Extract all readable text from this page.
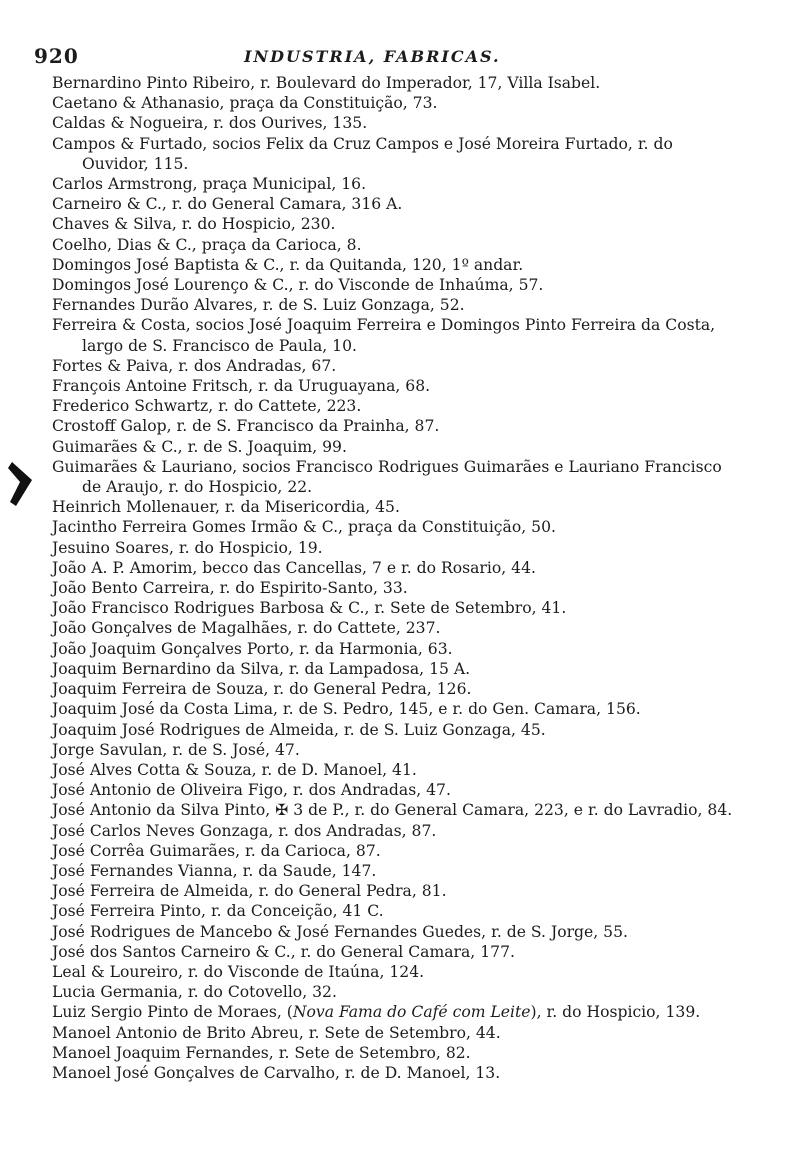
920	INDUSTRIA, FABRICAS.
Bernardino Pinto Ribeiro, r. Boulevard do Imperador, 17, Villa Isabel.
Caetano & Athanasio, praça da Constituição, 73.
Caldas & Nogueira, r. dos Ourives, 135.
Campos & Furtado, socios Felix da Cruz Campos e José Moreira Furtado, r. do Ouvidor, 115.
Carlos Armstrong, praça Municipal, 16.
Carneiro & C., r. do General Camara, 316 A.
Chaves & Silva, r. do Hospicio, 230.
Coelho, Dias & C., praça da Carioca, 8.
Domingos José Baptista & C., r. da Quitanda, 120, 1º andar.
Domingos José Lourenço & C., r. do Visconde de Inhaúma, 57.
Fernandes Durão Alvares, r. de S. Luiz Gonzaga, 52.
Ferreira & Costa, socios José Joaquim Ferreira e Domingos Pinto Ferreira da Costa, largo de S. Francisco de Paula, 10.
Fortes & Paiva, r. dos Andradas, 67.
François Antoine Fritsch, r. da Uruguayana, 68.
Frederico Schwartz, r. do Cattete, 223.
Crostoff Galop, r. de S. Francisco da Prainha, 87.
Guimarães & C., r. de S. Joaquim, 99.
Guimarães & Lauriano, socios Francisco Rodrigues Guimarães e Lauriano Francisco de Araujo, r. do Hospicio, 22.
Heinrich Mollenauer, r. da Misericordia, 45.
Jacintho Ferreira Gomes Irmão & C., praça da Constituição, 50.
Jesuino Soares, r. do Hospicio, 19.
João A. P. Amorim, becco das Cancellas, 7 e r. do Rosario, 44.
João Bento Carreira, r. do Espirito-Santo, 33.
João Francisco Rodrigues Barbosa & C., r. Sete de Setembro, 41.
João Gonçalves de Magalhães, r. do Cattete, 237.
João Joaquim Gonçalves Porto, r. da Harmonia, 63.
Joaquim Bernardino da Silva, r. da Lampadosa, 15 A.
Joaquim Ferreira de Souza, r. do General Pedra, 126.
Joaquim José da Costa Lima, r. de S. Pedro, 145, e r. do Gen. Camara, 156.
Joaquim José Rodrigues de Almeida, r. de S. Luiz Gonzaga, 45.
Jorge Savulan, r. de S. José, 47.
José Alves Cotta & Souza, r. de D. Manoel, 41.
José Antonio de Oliveira Figo, r. dos Andradas, 47.
José Antonio da Silva Pinto, ✠ 3 de P., r. do General Camara, 223, e r. do Lavradio, 84.
José Carlos Neves Gonzaga, r. dos Andradas, 87.
José Corrêa Guimarães, r. da Carioca, 87.
José Fernandes Vianna, r. da Saude, 147.
José Ferreira de Almeida, r. do General Pedra, 81.
José Ferreira Pinto, r. da Conceição, 41 C.
José Rodrigues de Mancebo & José Fernandes Guedes, r. de S. Jorge, 55.
José dos Santos Carneiro & C., r. do General Camara, 177.
Leal & Loureiro, r. do Visconde de Itaúna, 124.
Lucia Germania, r. do Cotovello, 32.
Luiz Sergio Pinto de Moraes, (Nova Fama do Café com Leite), r. do Hospicio, 139.
Manoel Antonio de Brito Abreu, r. Sete de Setembro, 44.
Manoel Joaquim Fernandes, r. Sete de Setembro, 82.
Manoel José Gonçalves de Carvalho, r. de D. Manoel, 13.
